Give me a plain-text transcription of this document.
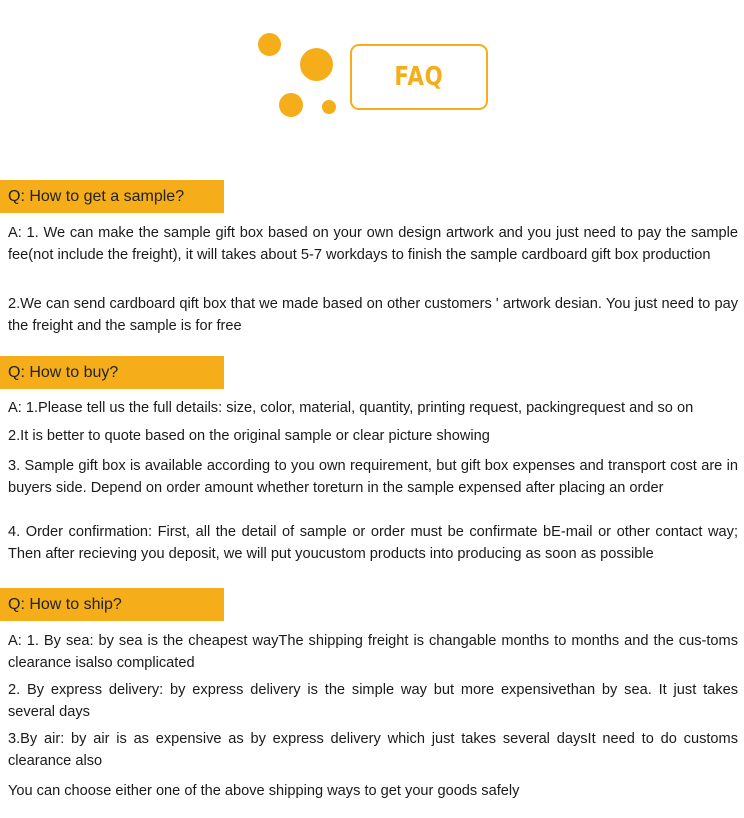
FAQ
Q: How to get a sample?
A: 1. We can make the sample gift box based on your own design artwork and you just need to pay the sample fee(not include the freight), it will takes about 5-7 workdays to finish the sample cardboard gift box production
2.We can send cardboard qift box that we made based on other customers ' artwork desian. You just need to pay the freight and the sample is for free
Q: How to buy?
A: 1.Please tell us the full details: size, color, material, quantity, printing request, packingrequest and so on
2.It is better to quote based on the original sample or clear picture showing
3. Sample gift box is available according to you own requirement, but gift box expenses and transport cost are in buyers side. Depend on order amount whether toreturn in the sample expensed after placing an order
4. Order confirmation: First, all the detail of sample or order must be confirmate bE-mail or other contact way; Then after recieving you deposit, we will put youcustom products into producing as soon as possible
Q: How to ship?
A: 1. By sea: by sea is the cheapest wayThe shipping freight is changable months to months and the cus-toms clearance isalso complicated
2. By express delivery: by express delivery is the simple way but more expensivethan by sea. It just takes several days
3.By air: by air is as expensive as by express delivery which just takes several daysIt need to do customs clearance also
You can choose either one of the above shipping ways to get your goods safely
